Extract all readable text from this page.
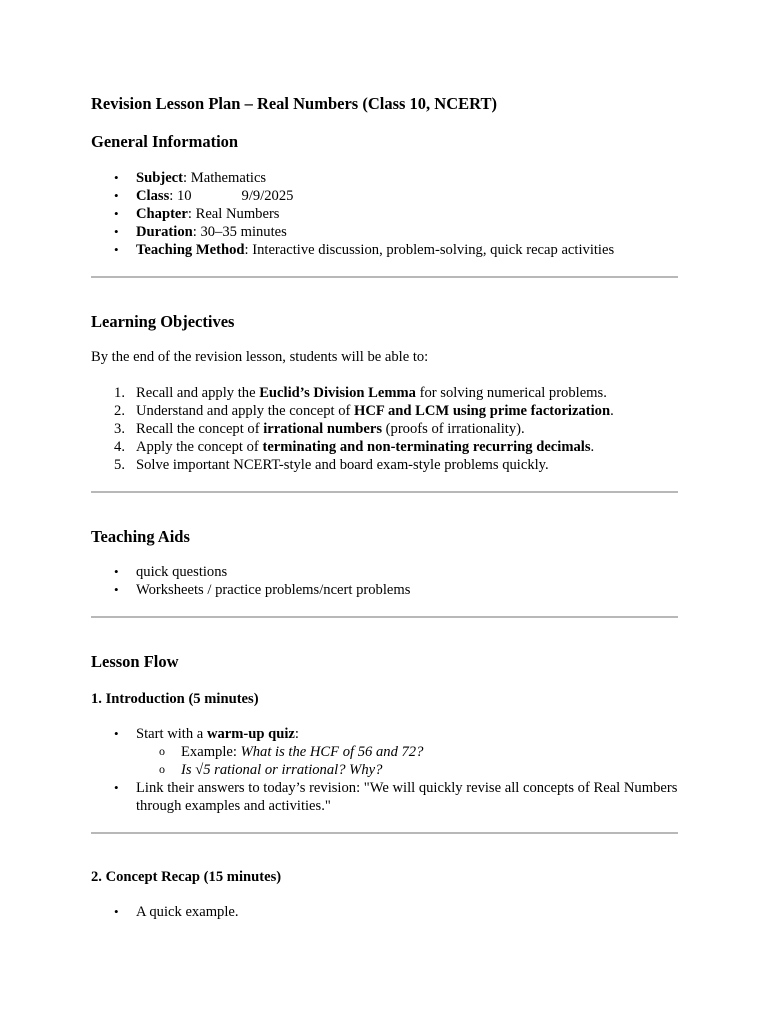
Revision Lesson Plan – Real Numbers (Class 10, NCERT)
General Information
• Subject: Mathematics
• Class: 10	9/9/2025
• Chapter: Real Numbers
• Duration: 30–35 minutes
• Teaching Method: Interactive discussion, problem-solving, quick recap activities
Learning Objectives

By the end of the revision lesson, students will be able to:

1. Recall and apply the Euclid’s Division Lemma for solving numerical problems.
2. Understand and apply the concept of HCF and LCM using prime factorization.
3. Recall the concept of irrational numbers (proofs of irrationality).
4. Apply the concept of terminating and non-terminating recurring decimals.
5. Solve important NCERT-style and board exam-style problems quickly.
Teaching Aids
• quick questions
• Worksheets / practice problems/ncert problems
Lesson Flow
1. Introduction (5 minutes)
• Start with a warm-up quiz:
o Example: What is the HCF of 56 and 72?
o Is √5 rational or irrational? Why?
• Link their answers to today’s revision: "We will quickly revise all concepts of Real Numbers through examples and activities."
2. Concept Recap (15 minutes)
• A quick example.
